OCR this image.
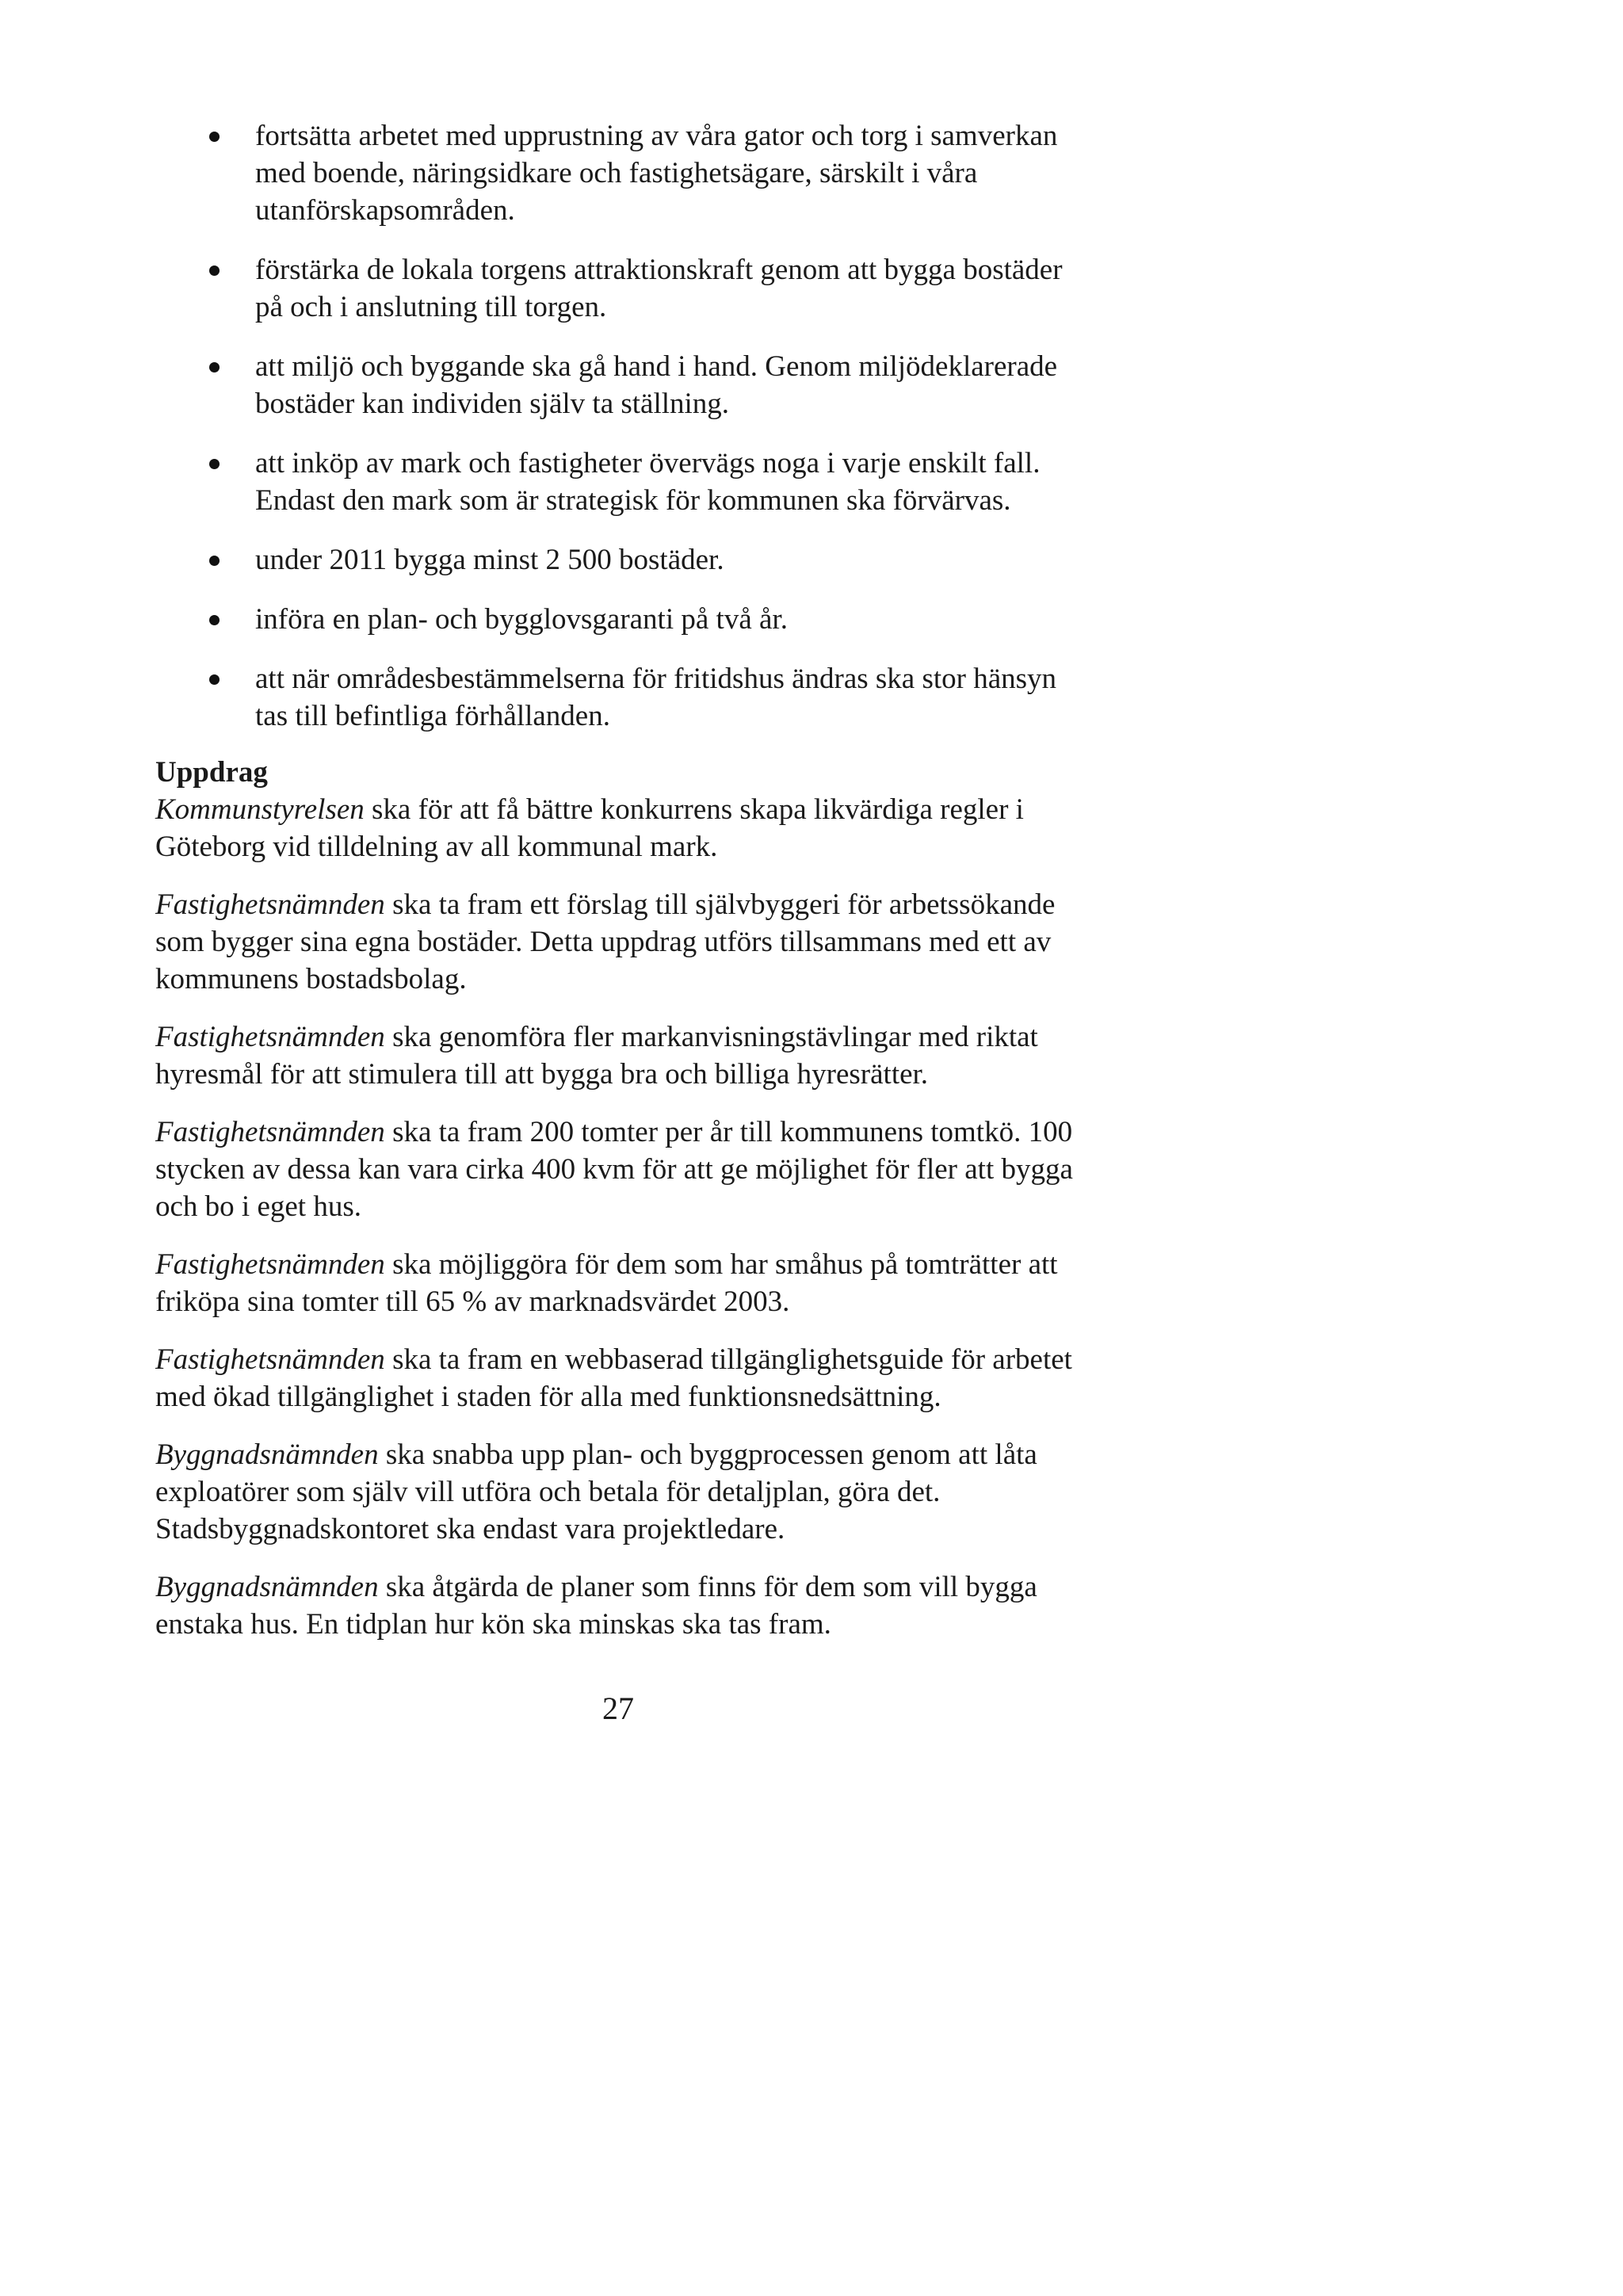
fortsätta arbetet med upprustning av våra gator och torg i samverkan med boende, näringsidkare och fastighetsägare, särskilt i våra utanförskapsområden.
förstärka de lokala torgens attraktionskraft genom att bygga bostäder på och i anslutning till torgen.
att miljö och byggande ska gå hand i hand. Genom miljödeklarerade bostäder kan individen själv ta ställning.
att inköp av mark och fastigheter övervägs noga i varje enskilt fall. Endast den mark som är strategisk för kommunen ska förvärvas.
under 2011 bygga minst 2 500 bostäder.
införa en plan- och bygglovsgaranti på två år.
att när områdesbestämmelserna för fritidshus ändras ska stor hänsyn tas till befintliga förhållanden.
Uppdrag

Kommunstyrelsen ska för att få bättre konkurrens skapa likvärdiga regler i Göteborg vid tilldelning av all kommunal mark.

Fastighetsnämnden ska ta fram ett förslag till självbyggeri för arbetssökande som bygger sina egna bostäder. Detta uppdrag utförs tillsammans med ett av kommunens bostadsbolag.

Fastighetsnämnden ska genomföra fler markanvisningstävlingar med riktat hyresmål för att stimulera till att bygga bra och billiga hyresrätter.

Fastighetsnämnden ska ta fram 200 tomter per år till kommunens tomtkö. 100 stycken av dessa kan vara cirka 400 kvm för att ge möjlighet för fler att bygga och bo i eget hus.

Fastighetsnämnden ska möjliggöra för dem som har småhus på tomträtter att friköpa sina tomter till 65 % av marknadsvärdet 2003.

Fastighetsnämnden ska ta fram en webbaserad tillgänglighetsguide för arbetet med ökad tillgänglighet i staden för alla med funktionsnedsättning.

Byggnadsnämnden ska snabba upp plan- och byggprocessen genom att låta exploatörer som själv vill utföra och betala för detaljplan, göra det. Stadsbyggnadskontoret ska endast vara projektledare.

Byggnadsnämnden ska åtgärda de planer som finns för dem som vill bygga enstaka hus. En tidplan hur kön ska minskas ska tas fram.

27
